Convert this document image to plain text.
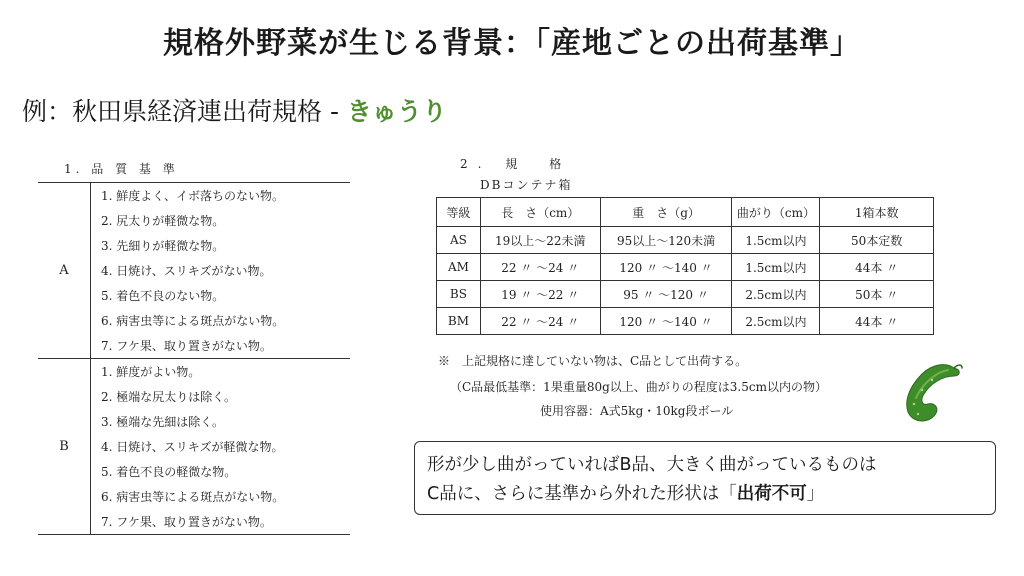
規格外野菜が生じる背景：「産地ごとの出荷基準」
例：秋田県経済連出荷規格 - きゅうり
1. 品 質 基 準
A	1. 鮮度よく、イボ落ちのない物。
	2. 尻太りが軽微な物。
	3. 先細りが軽微な物。
	4. 日焼け、スリキズがない物。
	5. 着色不良のない物。
	6. 病害虫等による斑点がない物。
	7. フケ果、取り置きがない物。
B	1. 鮮度がよい物。
	2. 極端な尻太りは除く。
	3. 極端な先細は除く。
	4. 日焼け、スリキズが軽微な物。
	5. 着色不良の軽微な物。
	6. 病害虫等による斑点がない物。
	7. フケ果、取り置きがない物。
2. 規　格
DBコンテナ箱
等級	長　さ（cm）	重　さ（g）	曲がり（cm）	1箱本数
AS	19以上～22未満	95以上～120未満	1.5cm以内	50本定数
AM	22 〃 ～24 〃	120 〃 ～140 〃	1.5cm以内	44本 〃
BS	19 〃 ～22 〃	95 〃 ～120 〃	2.5cm以内	50本 〃
BM	22 〃 ～24 〃	120 〃 ～140 〃	2.5cm以内	44本 〃
※　上記規格に達していない物は、C品として出荷する。
（C品最低基準：1果重量80g以上、曲がりの程度は3.5cm以内の物）
使用容器：A式5kg・10kg段ボール
形が少し曲がっていればB品、大きく曲がっているものは
C品に、さらに基準から外れた形状は「出荷不可」
